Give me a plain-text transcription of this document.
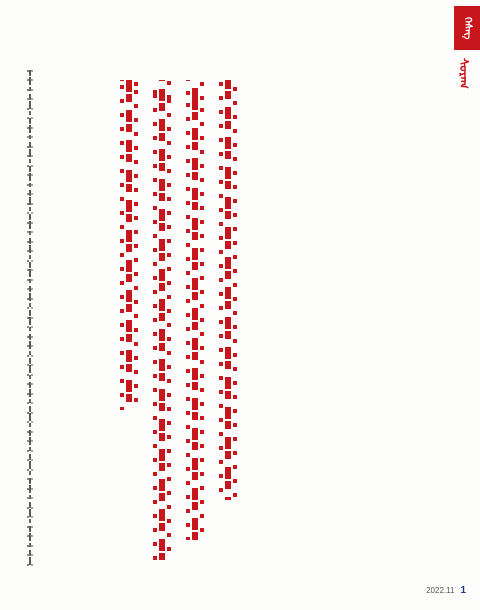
ᠬᠡᠰᠡᠭ
ᠰᠤᠷᠠᠭ
2022.11 1
